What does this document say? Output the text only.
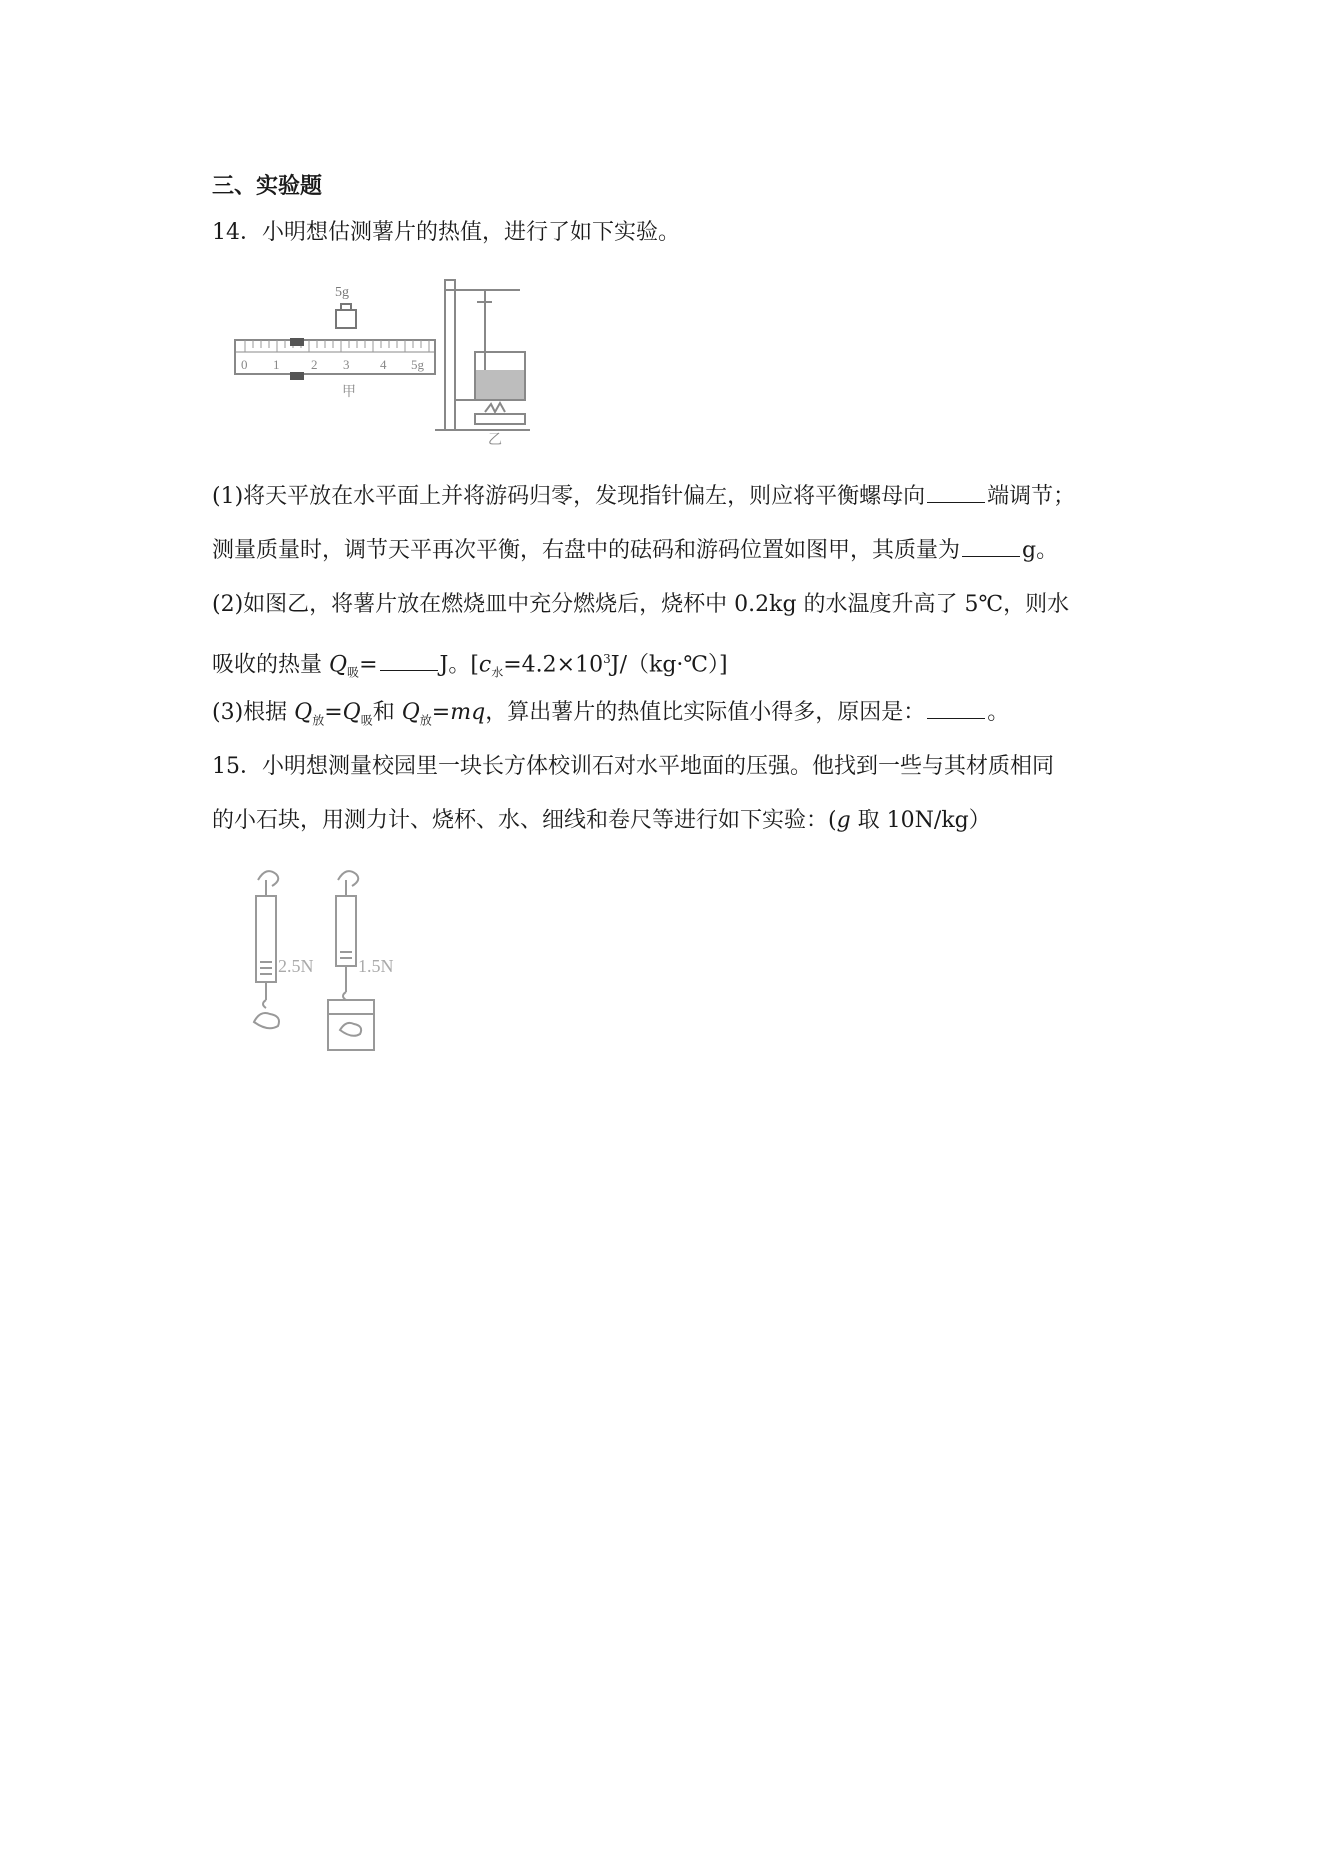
三、实验题
14．小明想估测薯片的热值，进行了如下实验。
5g
0 1 2 3 4 5g
甲
乙
(1)将天平放在水平面上并将游码归零，发现指针偏左，则应将平衡螺母向	端调节；
测量质量时，调节天平再次平衡，右盘中的砝码和游码位置如图甲，其质量为	g。
(2)如图乙，将薯片放在燃烧皿中充分燃烧后，烧杯中 0.2kg 的水温度升高了 5℃，则水
吸收的热量 $Q_吸=$	J。$[c_水=4.2\times 10^3J/(kg\cdot℃)]$
(3)根据 $Q_放=Q_吸$和 $Q_放=mq$，算出薯片的热值比实际值小得多，原因是：	。
15．小明想测量校园里一块长方体校训石对水平地面的压强。他找到一些与其材质相同
的小石块，用测力计、烧杯、水、细线和卷尺等进行如下实验：(g 取 10N/kg）
2.5N 1.5N
